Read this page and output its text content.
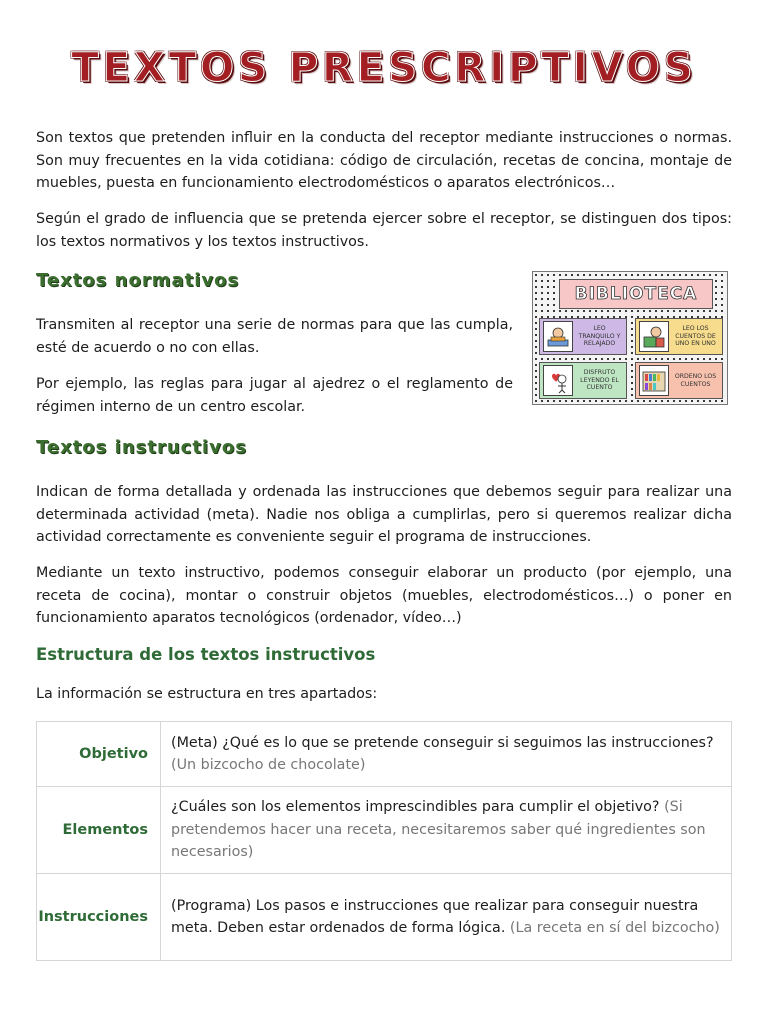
TEXTOS PRESCRIPTIVOS

Son textos que pretenden influir en la conducta del receptor mediante instrucciones o normas. Son muy frecuentes en la vida cotidiana: código de circulación, recetas de concina, montaje de muebles, puesta en funcionamiento electrodomésticos o aparatos electrónicos…

Según el grado de influencia que se pretenda ejercer sobre el receptor, se distinguen dos tipos: los textos normativos y los textos instructivos.

Textos normativos

Transmiten al receptor una serie de normas para que las cumpla, esté de acuerdo o no con ellas.

Por ejemplo, las reglas para jugar al ajedrez o el reglamento de régimen interno de un centro escolar.

BIBLIOTECA
LEO TRANQUILO Y RELAJADO
LEO LOS CUENTOS DE UNO EN UNO
DISFRUTO LEYENDO EL CUENTO
ORDENO LOS CUENTOS
Textos instructivos

Indican de forma detallada y ordenada las instrucciones que debemos seguir para realizar una determinada actividad (meta). Nadie nos obliga a cumplirlas, pero si queremos realizar dicha actividad correctamente es conveniente seguir el programa de instrucciones.

Mediante un texto instructivo, podemos conseguir elaborar un producto (por ejemplo, una receta de cocina), montar o construir objetos (muebles, electrodomésticos…) o poner en funcionamiento aparatos tecnológicos (ordenador, vídeo…)

Estructura de los textos instructivos

La información se estructura en tres apartados:

Objetivo	(Meta) ¿Qué es lo que se pretende conseguir si seguimos las instrucciones? (Un bizcocho de chocolate)
Elementos	¿Cuáles son los elementos imprescindibles para cumplir el objetivo? (Si pretendemos hacer una receta, necesitaremos saber qué ingredientes son necesarios)
Instrucciones	(Programa) Los pasos e instrucciones que realizar para conseguir nuestra meta. Deben estar ordenados de forma lógica. (La receta en sí del bizcocho)
